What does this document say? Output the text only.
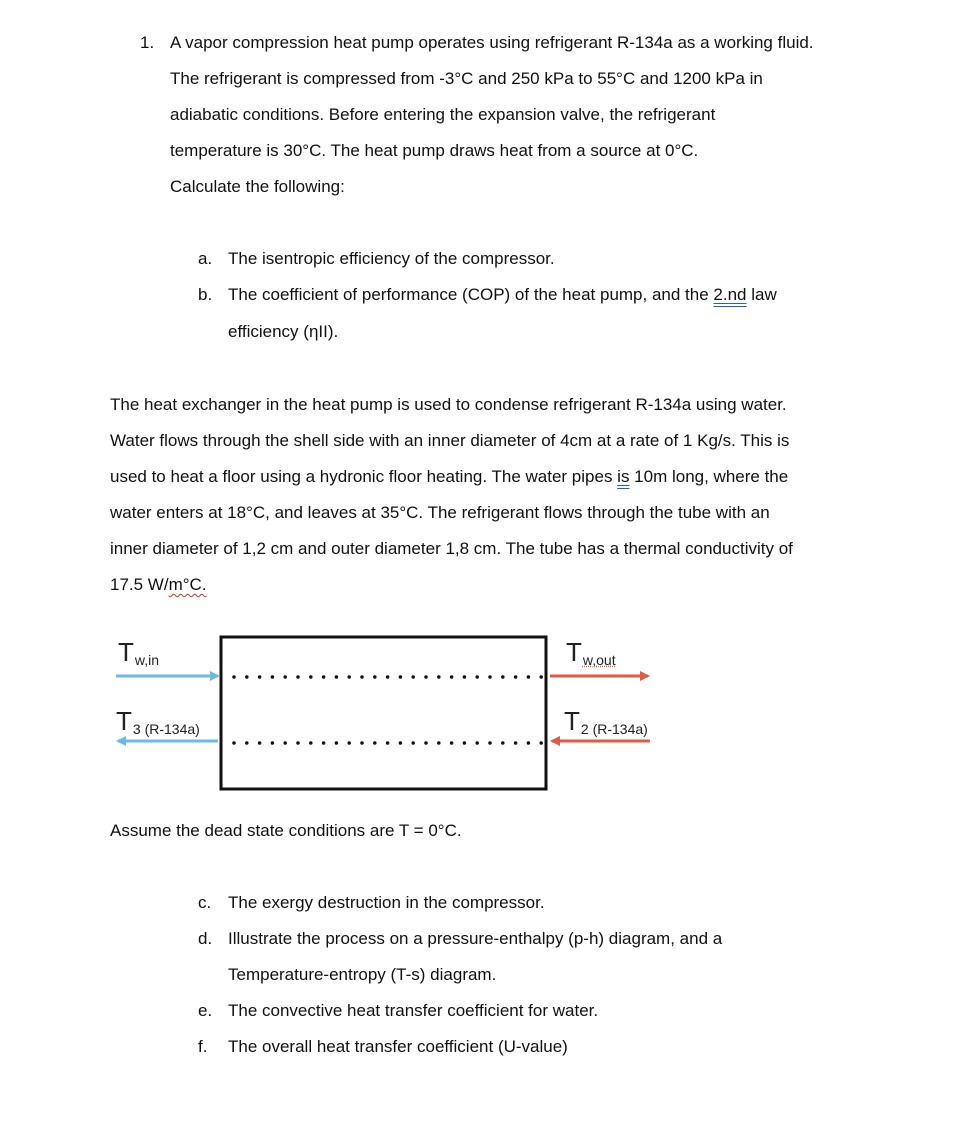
1. A vapor compression heat pump operates using refrigerant R-134a as a working fluid.
The refrigerant is compressed from -3°C and 250 kPa to 55°C and 1200 kPa in
adiabatic conditions. Before entering the expansion valve, the refrigerant
temperature is 30°C. The heat pump draws heat from a source at 0°C.
Calculate the following:
a. The isentropic efficiency of the compressor.
b. The coefficient of performance (COP) of the heat pump, and the 2.nd law
efficiency (ηII).
The heat exchanger in the heat pump is used to condense refrigerant R-134a using water.
Water flows through the shell side with an inner diameter of 4cm at a rate of 1 Kg/s. This is
used to heat a floor using a hydronic floor heating. The water pipes is 10m long, where the
water enters at 18°C, and leaves at 35°C. The refrigerant flows through the tube with an
inner diameter of 1,2 cm and outer diameter 1,8 cm. The tube has a thermal conductivity of
17.5 W/m°C.
Tw,in	Tw,out
T3 (R-134a)	T2 (R-134a)
Assume the dead state conditions are T = 0°C.
c. The exergy destruction in the compressor.
d. Illustrate the process on a pressure-enthalpy (p-h) diagram, and a
Temperature-entropy (T-s) diagram.
e. The convective heat transfer coefficient for water.
f. The overall heat transfer coefficient (U-value)
